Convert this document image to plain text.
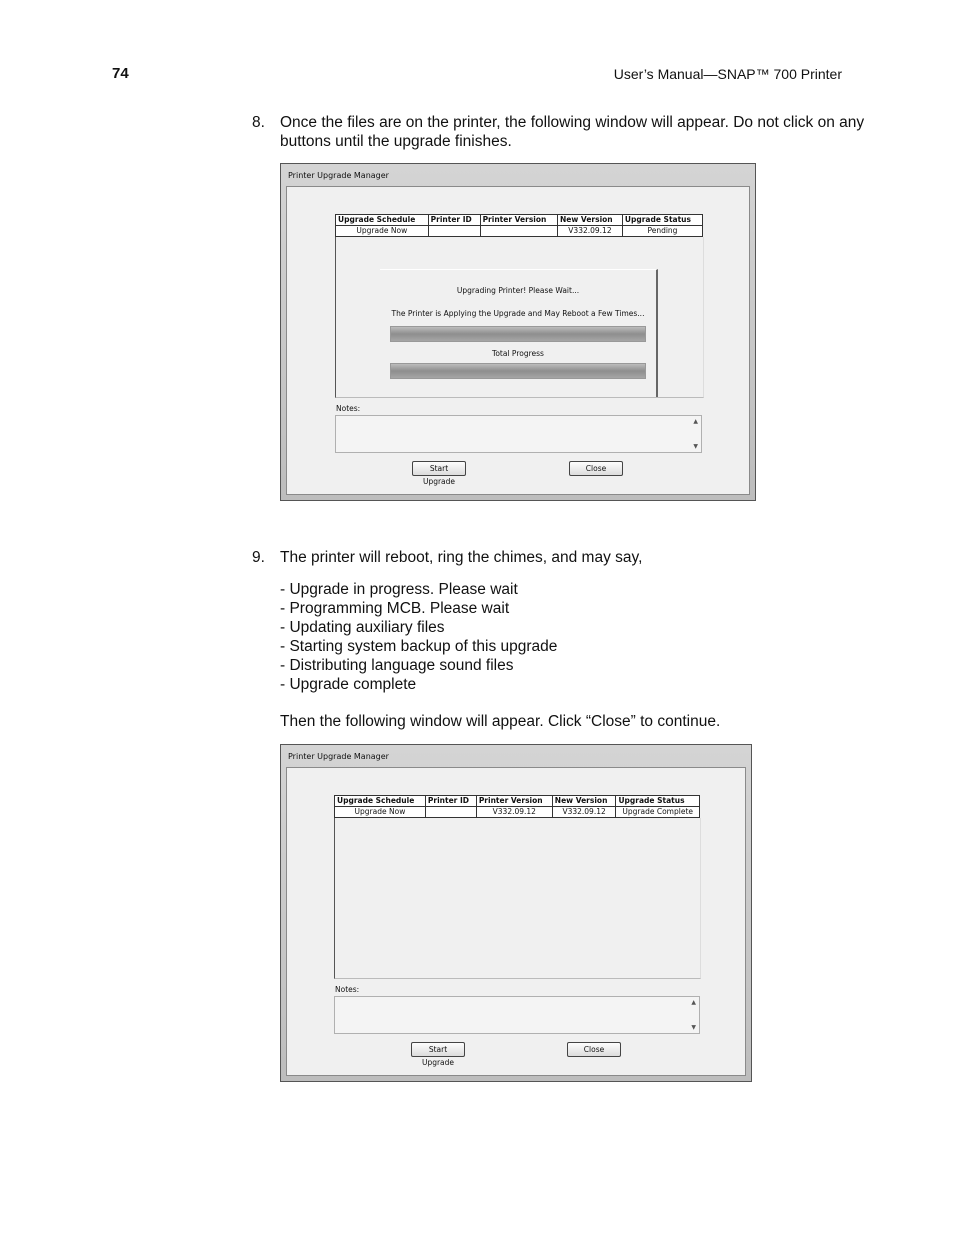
74	User’s Manual—SNAP™ 700 Printer
8. Once the files are on the printer, the following window will appear. Do not click on any buttons until the upgrade finishes.
Printer Upgrade Manager
Upgrade Schedule	Printer ID	Printer Version	New Version	Upgrade Status
Upgrade Now			V332.09.12	Pending
Upgrading Printer! Please Wait...
The Printer is Applying the Upgrade and May Reboot a Few Times...
Total Progress
Notes:
▲
▼
Start Upgrade
Close
9. The printer will reboot, ring the chimes, and may say,
- Upgrade in progress. Please wait
- Programming MCB. Please wait
- Updating auxiliary files
- Starting system backup of this upgrade
- Distributing language sound files
- Upgrade complete
Then the following window will appear. Click “Close” to continue.
Printer Upgrade Manager
Upgrade Schedule	Printer ID	Printer Version	New Version	Upgrade Status
Upgrade Now		V332.09.12	V332.09.12	Upgrade Complete
Notes:
▲
▼
Start Upgrade
Close
